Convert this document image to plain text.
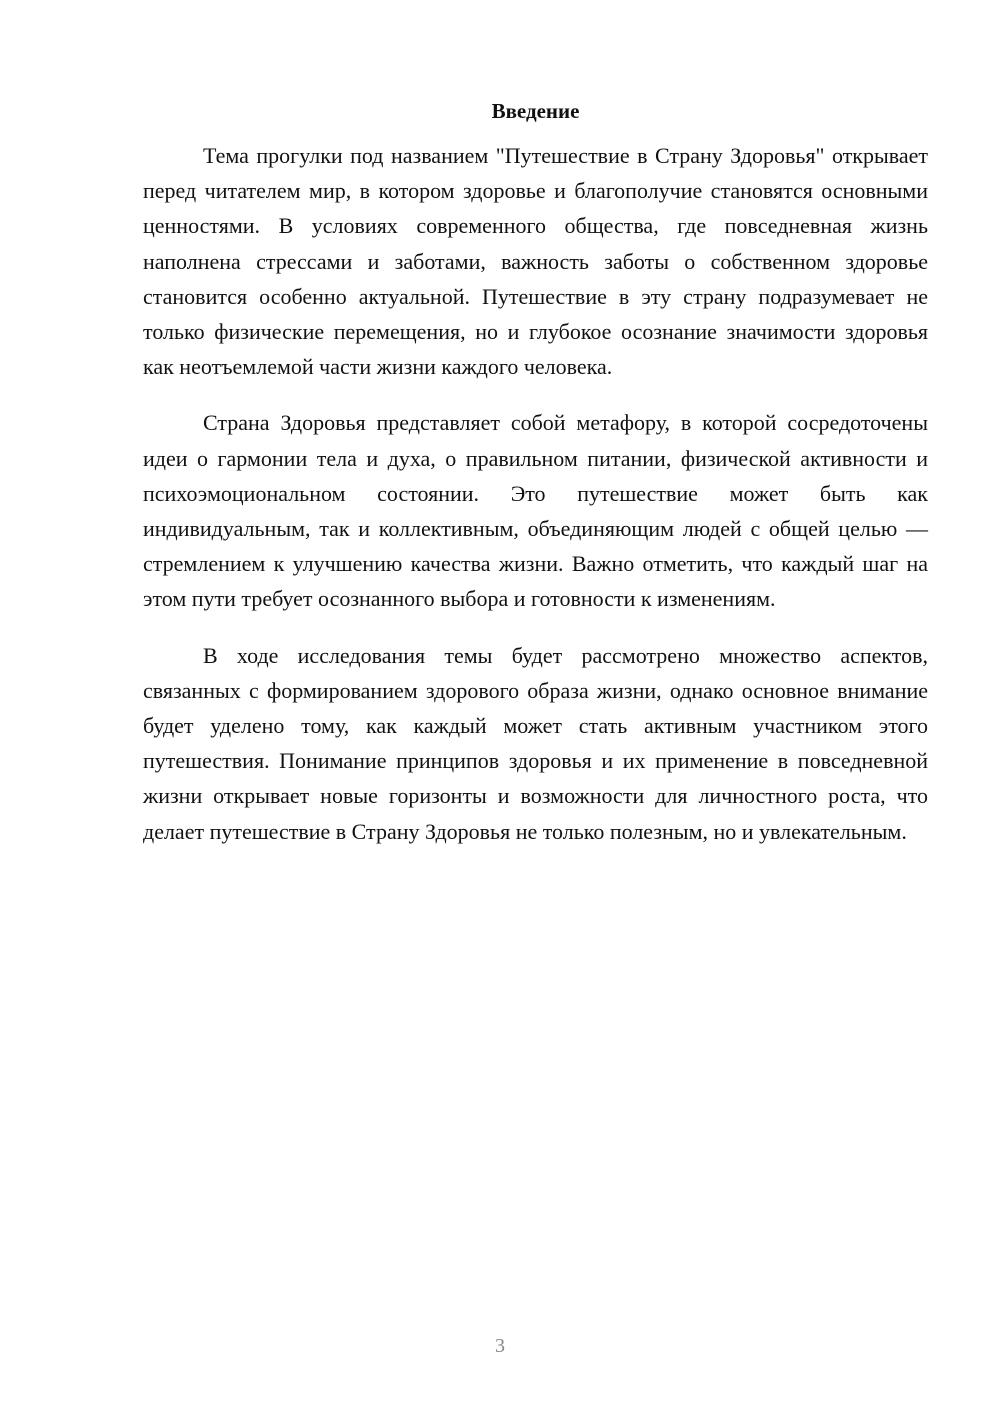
Введение

Тема прогулки под названием "Путешествие в Страну Здоровья" открывает перед читателем мир, в котором здоровье и благополучие становятся основными ценностями. В условиях современного общества, где повседневная жизнь наполнена стрессами и заботами, важность заботы о собственном здоровье становится особенно актуальной. Путешествие в эту страну подразумевает не только физические перемещения, но и глубокое осознание значимости здоровья как неотъемлемой части жизни каждого человека.

Страна Здоровья представляет собой метафору, в которой сосредоточены идеи о гармонии тела и духа, о правильном питании, физической активности и психоэмоциональном состоянии. Это путешествие может быть как индивидуальным, так и коллективным, объединяющим людей с общей целью — стремлением к улучшению качества жизни. Важно отметить, что каждый шаг на этом пути требует осознанного выбора и готовности к изменениям.

В ходе исследования темы будет рассмотрено множество аспектов, связанных с формированием здорового образа жизни, однако основное внимание будет уделено тому, как каждый может стать активным участником этого путешествия. Понимание принципов здоровья и их применение в повседневной жизни открывает новые горизонты и возможности для личностного роста, что делает путешествие в Страну Здоровья не только полезным, но и увлекательным.

3
